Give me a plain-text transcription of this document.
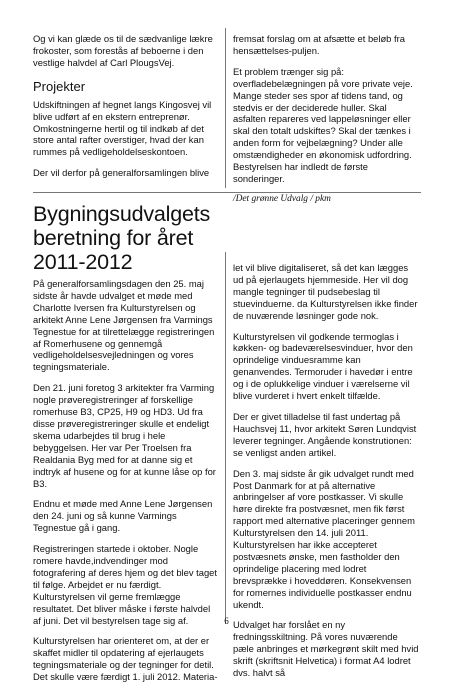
Og vi kan glæde os til de sædvanlige lækre frokoster, som forestås af beboerne i den vestlige halvdel af Carl PlougsVej.

Projekter

Udskiftningen af hegnet langs Kingosvej vil blive udført af en ekstern entreprenør. Omkostningerne hertil og til indkøb af det store antal rafter overstiger, hvad der kan rummes på vedligeholdelseskontoen.

Der vil derfor på generalforsamlingen blive

fremsat forslag om at afsætte et beløb fra hensættelses-puljen.

Et problem trænger sig på: overfladebelægningen på vore private veje. Mange steder ses spor af tidens tand, og stedvis er der deciderede huller. Skal asfalten repareres ved lappeløsninger eller skal den totalt udskiftes? Skal der tænkes i anden form for vejbelægning? Under alle omstændigheder en økonomisk udfordring. Bestyrelsen har indledt de første sonderinger.

/Det grønne Udvalg / pkm
Bygningsudvalgets beretning for året 2011-2012

På generalforsamlingsdagen den 25. maj sidste år havde udvalget et møde med Charlotte Iversen fra Kulturstyrelsen og arkitekt Anne Lene Jørgensen fra Varmings Tegnestue for at tilrettelægge registreringen af Romerhusene og gennemgå vedligeholdelsesvejledningen og vores tegningsmateriale.

Den 21. juni foretog 3 arkitekter fra Varming nogle prøveregistreringer af forskellige romerhuse B3, CP25, H9 og HD3. Ud fra disse prøveregistreringer skulle et endeligt skema udarbejdes til brug i hele bebyggelsen. Her var Per Troelsen fra Realdania Byg med for at danne sig et indtryk af husene og for at kunne låse op for B3.

Endnu et møde med Anne Lene Jørgensen den 24. juni og så kunne Varmings Tegnestue gå i gang.

Registreringen startede i oktober. Nogle romere havde,indvendinger mod fotografering af deres hjem og det blev taget til følge. Arbejdet er nu færdigt. Kulturstyrelsen vil gerne fremlægge resultatet. Det bliver måske i første halvdel af juni. Det vil bestyrelsen tage sig af.

Kulturstyrelsen har orienteret om, at der er skaffet midler til opdatering af ejerlaugets tegningsmateriale og der tegninger for detil. Det skulle være færdigt 1. juli 2012. Materia-

let vil blive digitaliseret, så det kan lægges ud på ejerlaugets hjemmeside. Her vil dog mangle tegninger til pudsebeslag til stuevinduerne. da Kulturstyrelsen ikke finder de nuværende løsninger gode nok.

Kulturstyrelsen vil godkende termoglas i køkken- og badeværelsesvinduer, hvor den oprindelige vinduesramme kan genanvendes. Termoruder i havedør i entre og i de oplukkelige vinduer i værelserne vil blive vurderet i hvert enkelt tilfælde.

Der er givet tilladelse til fast undertag på Hauchsvej 11, hvor arkitekt Søren Lundqvist leverer tegninger. Angående konstrutionen: se venligst anden artikel.

Den 3. maj sidste år gik udvalget rundt med Post Danmark for at på alternative anbringelser af vore postkasser. Vi skulle høre direkte fra postvæsnet, men fik først rapport med alternative placeringer gennem Kulturstyrelsen den 14. juli 2011. Kulturstyrelsen har ikke accepteret postvæsnets ønske, men fastholder den oprindelige placering med lodret brevsprække i hoveddøren. Konsekvensen for romernes individuelle postkasser endnu ukendt.

Udvalget har forslået en ny fredningsskiltning. På vores nuværende pæle anbringes et mørkegrønt skilt med hvid skrift (skriftsnit Helvetica) i format A4 lodret dvs. halvt så

6
